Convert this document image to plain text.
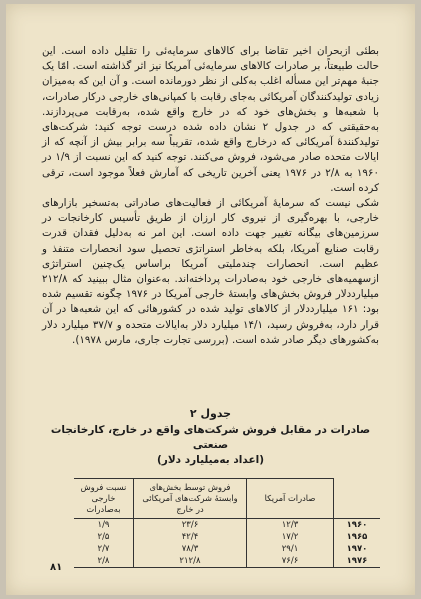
بطئی ازبحران اخیر تقاضا برای کالاهای سرمایه‌ئی را تقلیل داده است. این حالت طبیعتاً، بر صادرات کالاهای سرمایه‌ئی آمریکا نیز اثر گذاشته است. امّا یک جنبهٔ مهم‌تر این مسأله اغلب به‌کلی از نظر دورمانده است. و آن این که به‌میزان زیادی تولیدکنندگان آمریکائی به‌جای رقابت با کمپانی‌های خارجی درکار صادرات، با شعبه‌ها و بخش‌های خود که در خارج واقع شده، به‌رقابت می‌پردازند. به‌حقیقتی که در جدول ۲ نشان داده شده درست توجه کنید: شرکت‌های تولیدکنندهٔ آمریکائی که درخارج واقع شده، تقریباً سه برابر بیش از آنچه که از ایالات متحده صادر می‌شود، فروش می‌کنند. توجه کنید که این نسبت از ۱/۹ در ۱۹۶۰ به ۲/۸ در ۱۹۷۶ یعنی آخرین تاریخی که آمارش فعلاً موجود است، ترقی کرده است.

شکی نیست که سرمایهٔ آمریکائی از فعالیت‌های صادراتی به‌تسخیر بازارهای خارجی، با بهره‌گیری از نیروی کار ارزان از طریق تأسیس کارخانجات در سرزمین‌های بیگانه تغییر جهت داده است. این امر نه به‌دلیل فقدان قدرت رقابت صنایع آمریکا، بلکه به‌خاطر استراتژی تحصیل سود انحصارات متنفذ و عظیم است. انحصارات چندملیتی آمریکا براساس یک‌چنین استراتژی ازسهمیه‌های خارجی خود به‌صادرات پرداخته‌اند. به‌عنوان مثال ببینید که ۲۱۲/۸ میلیارددلار فروش بخش‌های وابستهٔ خارجی آمریکا در ۱۹۷۶ چگونه تقسیم شده بود: ۱۶۱ میلیارددلار از کالاهای تولید شده در کشورهائی که این شعبه‌ها در آن قرار دارد، به‌فروش رسید، ۱۴/۱ میلیارد دلار به‌ایالات متحده و ۳۷/۷ میلیارد دلار به‌کشورهای دیگر صادر شده است. (بررسی تجارت جاری، مارس ۱۹۷۸).

جدول ۲
صادرات در مقابل فروش شرکت‌های واقع در خارج، کارخانجات صنعتی
(اعداد به‌میلیارد دلار)
	صادرات آمریکا	فروش توسط بخش‌های وابستهٔ شرکت‌های آمریکائی در خارج	نسبت فروش خارجی به‌صادرات
۱۹۶۰	۱۲/۳	۲۳/۶	۱/۹
۱۹۶۵	۱۷/۲	۴۲/۴	۲/۵
۱۹۷۰	۲۹/۱	۷۸/۳	۲/۷
۱۹۷۶	۷۶/۶	۲۱۲/۸	۲/۸
۸۱
